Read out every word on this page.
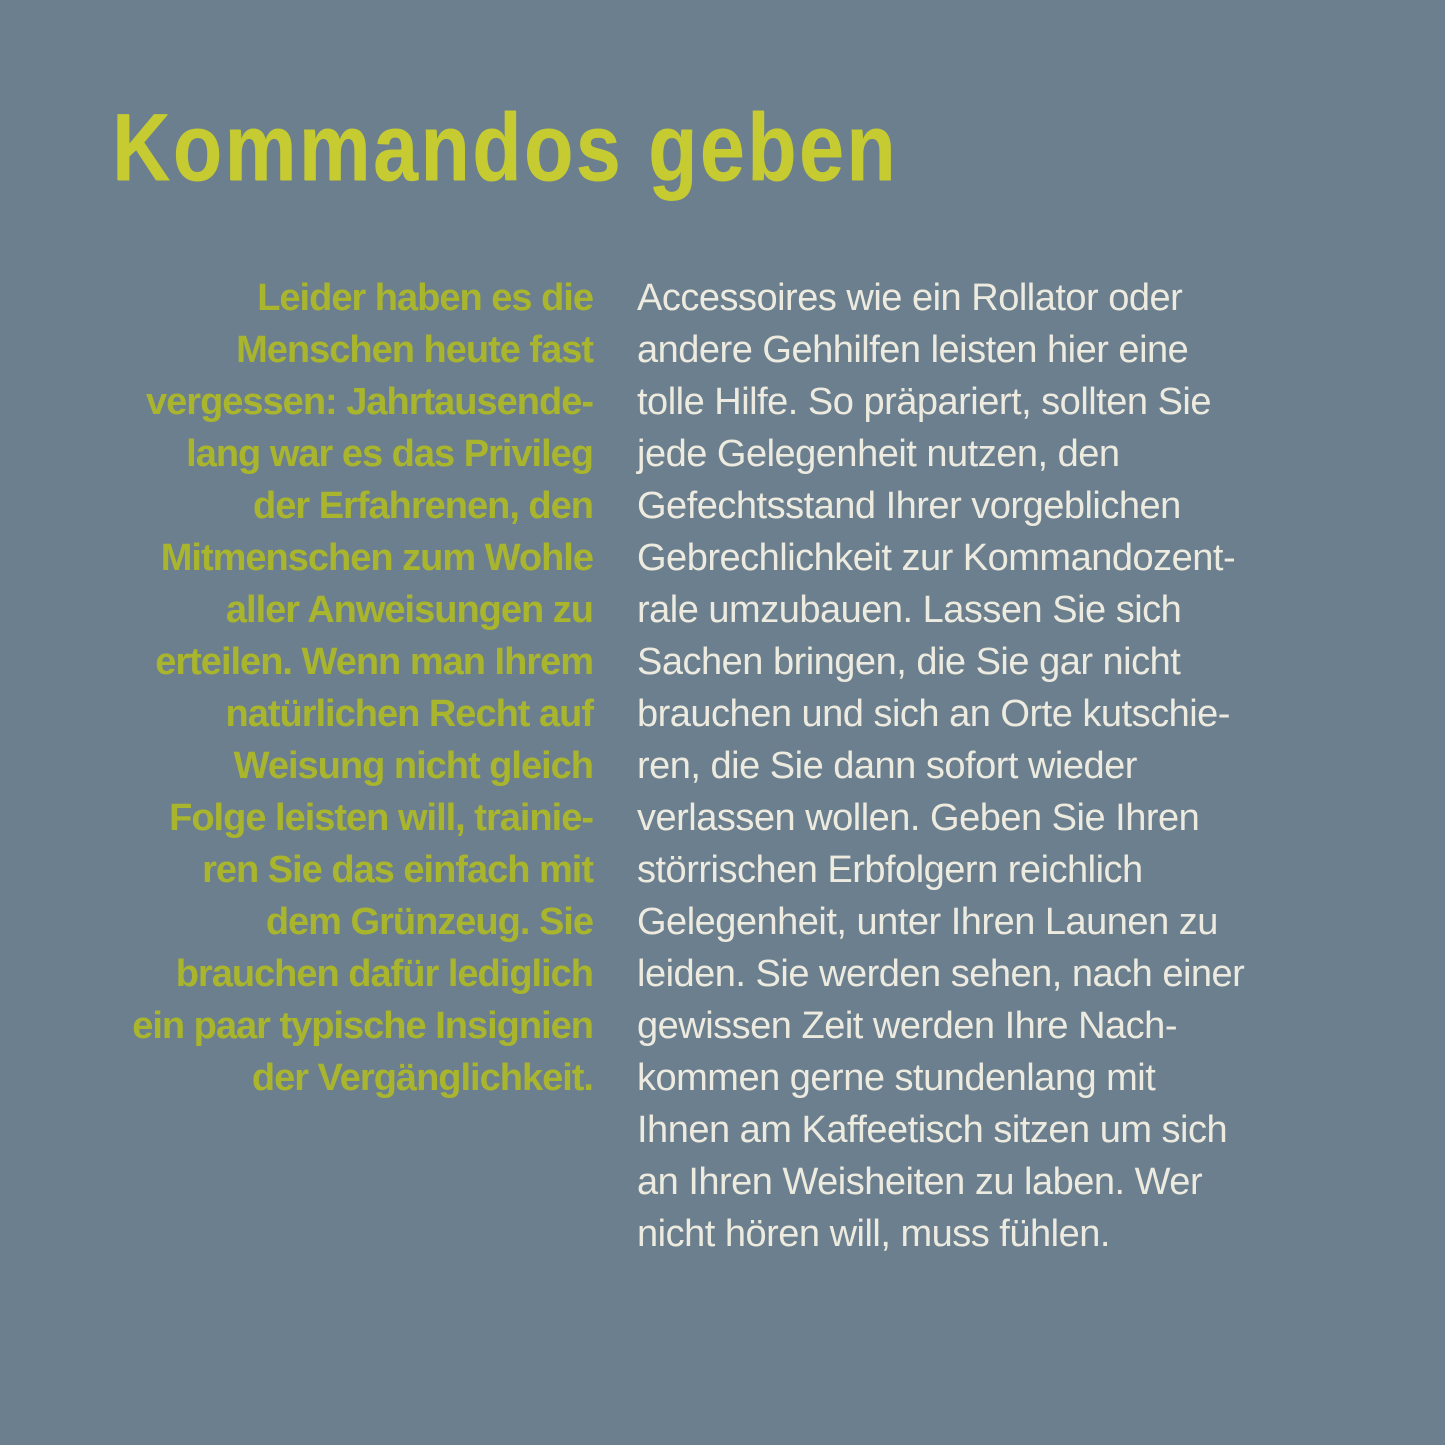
Kommandos geben
Leider haben es die
Menschen heute fast
vergessen: Jahrtausende-
lang war es das Privileg
der Erfahrenen, den
Mitmenschen zum Wohle
aller Anweisungen zu
erteilen. Wenn man Ihrem
natürlichen Recht auf
Weisung nicht gleich
Folge leisten will, trainie-
ren Sie das einfach mit
dem Grünzeug. Sie
brauchen dafür lediglich
ein paar typische Insignien
der Vergänglichkeit.
Accessoires wie ein Rollator oder
andere Gehhilfen leisten hier eine
tolle Hilfe. So präpariert, sollten Sie
jede Gelegenheit nutzen, den
Gefechtsstand Ihrer vorgeblichen
Gebrechlichkeit zur Kommandozent-
rale umzubauen. Lassen Sie sich
Sachen bringen, die Sie gar nicht
brauchen und sich an Orte kutschie-
ren, die Sie dann sofort wieder
verlassen wollen. Geben Sie Ihren
störrischen Erbfolgern reichlich
Gelegenheit, unter Ihren Launen zu
leiden. Sie werden sehen, nach einer
gewissen Zeit werden Ihre Nach-
kommen gerne stundenlang mit
Ihnen am Kaffeetisch sitzen um sich
an Ihren Weisheiten zu laben. Wer
nicht hören will, muss fühlen.
